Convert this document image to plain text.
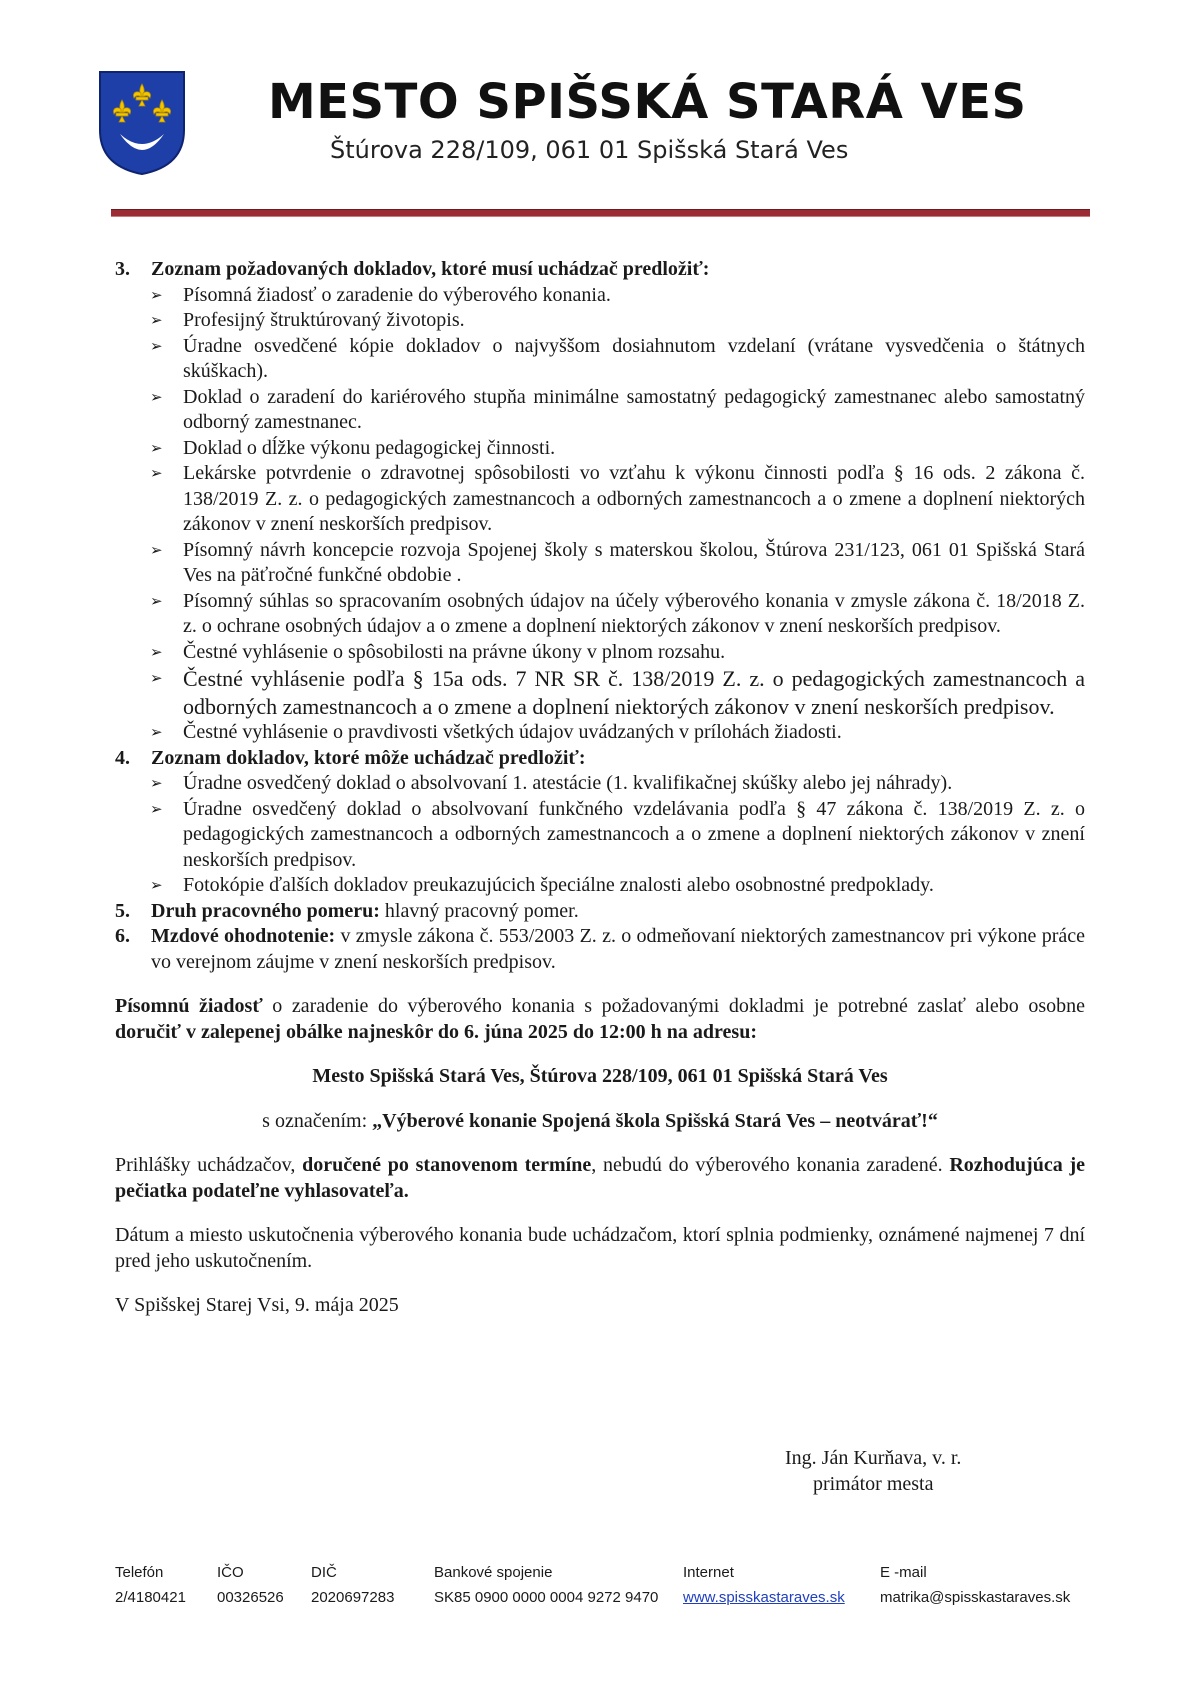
MESTO SPIŠSKÁ STARÁ VES
Štúrova 228/109, 061 01 Spišská Stará Ves
3. Zoznam požadovaných dokladov, ktoré musí uchádzač predložiť:
➢ Písomná žiadosť o zaradenie do výberového konania.
➢ Profesijný štruktúrovaný životopis.
➢ Úradne osvedčené kópie dokladov o najvyššom dosiahnutom vzdelaní (vrátane vysvedčenia o štátnych skúškach).
➢ Doklad o zaradení do kariérového stupňa minimálne samostatný pedagogický zamestnanec alebo samostatný odborný zamestnanec.
➢ Doklad o dĺžke výkonu pedagogickej činnosti.
➢ Lekárske potvrdenie o zdravotnej spôsobilosti vo vzťahu k výkonu činnosti podľa § 16 ods. 2 zákona č. 138/2019 Z. z. o pedagogických zamestnancoch a odborných zamestnancoch a o zmene a doplnení niektorých zákonov v znení neskorších predpisov.
➢ Písomný návrh koncepcie rozvoja Spojenej školy s materskou školou, Štúrova 231/123, 061 01 Spišská Stará Ves na päťročné funkčné obdobie .
➢ Písomný súhlas so spracovaním osobných údajov na účely výberového konania v zmysle zákona č. 18/2018 Z. z. o ochrane osobných údajov a o zmene a doplnení niektorých zákonov v znení neskorších predpisov.
➢ Čestné vyhlásenie o spôsobilosti na právne úkony v plnom rozsahu.
➢ Čestné vyhlásenie podľa § 15a ods. 7 NR SR č. 138/2019 Z. z. o pedagogických zamestnancoch a odborných zamestnancoch a o zmene a doplnení niektorých zákonov v znení neskorších predpisov.
➢ Čestné vyhlásenie o pravdivosti všetkých údajov uvádzaných v prílohách žiadosti.
4. Zoznam dokladov, ktoré môže uchádzač predložiť:
➢ Úradne osvedčený doklad o absolvovaní 1. atestácie (1. kvalifikačnej skúšky alebo jej náhrady).
➢ Úradne osvedčený doklad o absolvovaní funkčného vzdelávania podľa § 47 zákona č. 138/2019 Z. z. o pedagogických zamestnancoch a odborných zamestnancoch a o zmene a doplnení niektorých zákonov v znení neskorších predpisov.
➢ Fotokópie ďalších dokladov preukazujúcich špeciálne znalosti alebo osobnostné predpoklady.
5. Druh pracovného pomeru: hlavný pracovný pomer.
6. Mzdové ohodnotenie: v zmysle zákona č. 553/2003 Z. z. o odmeňovaní niektorých zamestnancov pri výkone práce vo verejnom záujme v znení neskorších predpisov.

Písomnú žiadosť o zaradenie do výberového konania s požadovanými dokladmi je potrebné zaslať alebo osobne doručiť v zalepenej obálke najneskôr do 6. júna 2025 do 12:00 h na adresu:

Mesto Spišská Stará Ves, Štúrova 228/109, 061 01 Spišská Stará Ves

s označením: „Výberové konanie Spojená škola Spišská Stará Ves – neotvárať!“

Prihlášky uchádzačov, doručené po stanovenom termíne, nebudú do výberového konania zaradené. Rozhodujúca je pečiatka podateľne vyhlasovateľa.

Dátum a miesto uskutočnenia výberového konania bude uchádzačom, ktorí splnia podmienky, oznámené najmenej 7 dní pred jeho uskutočnením.

V Spišskej Starej Vsi, 9. mája 2025

Ing. Ján Kurňava, v. r.
primátor mesta
Telefón
2/4180421
IČO
00326526
DIČ
2020697283
Bankové spojenie
SK85 0900 0000 0004 9272 9470
Internet
www.spisskastaraves.sk
E -mail
matrika@spisskastaraves.sk
